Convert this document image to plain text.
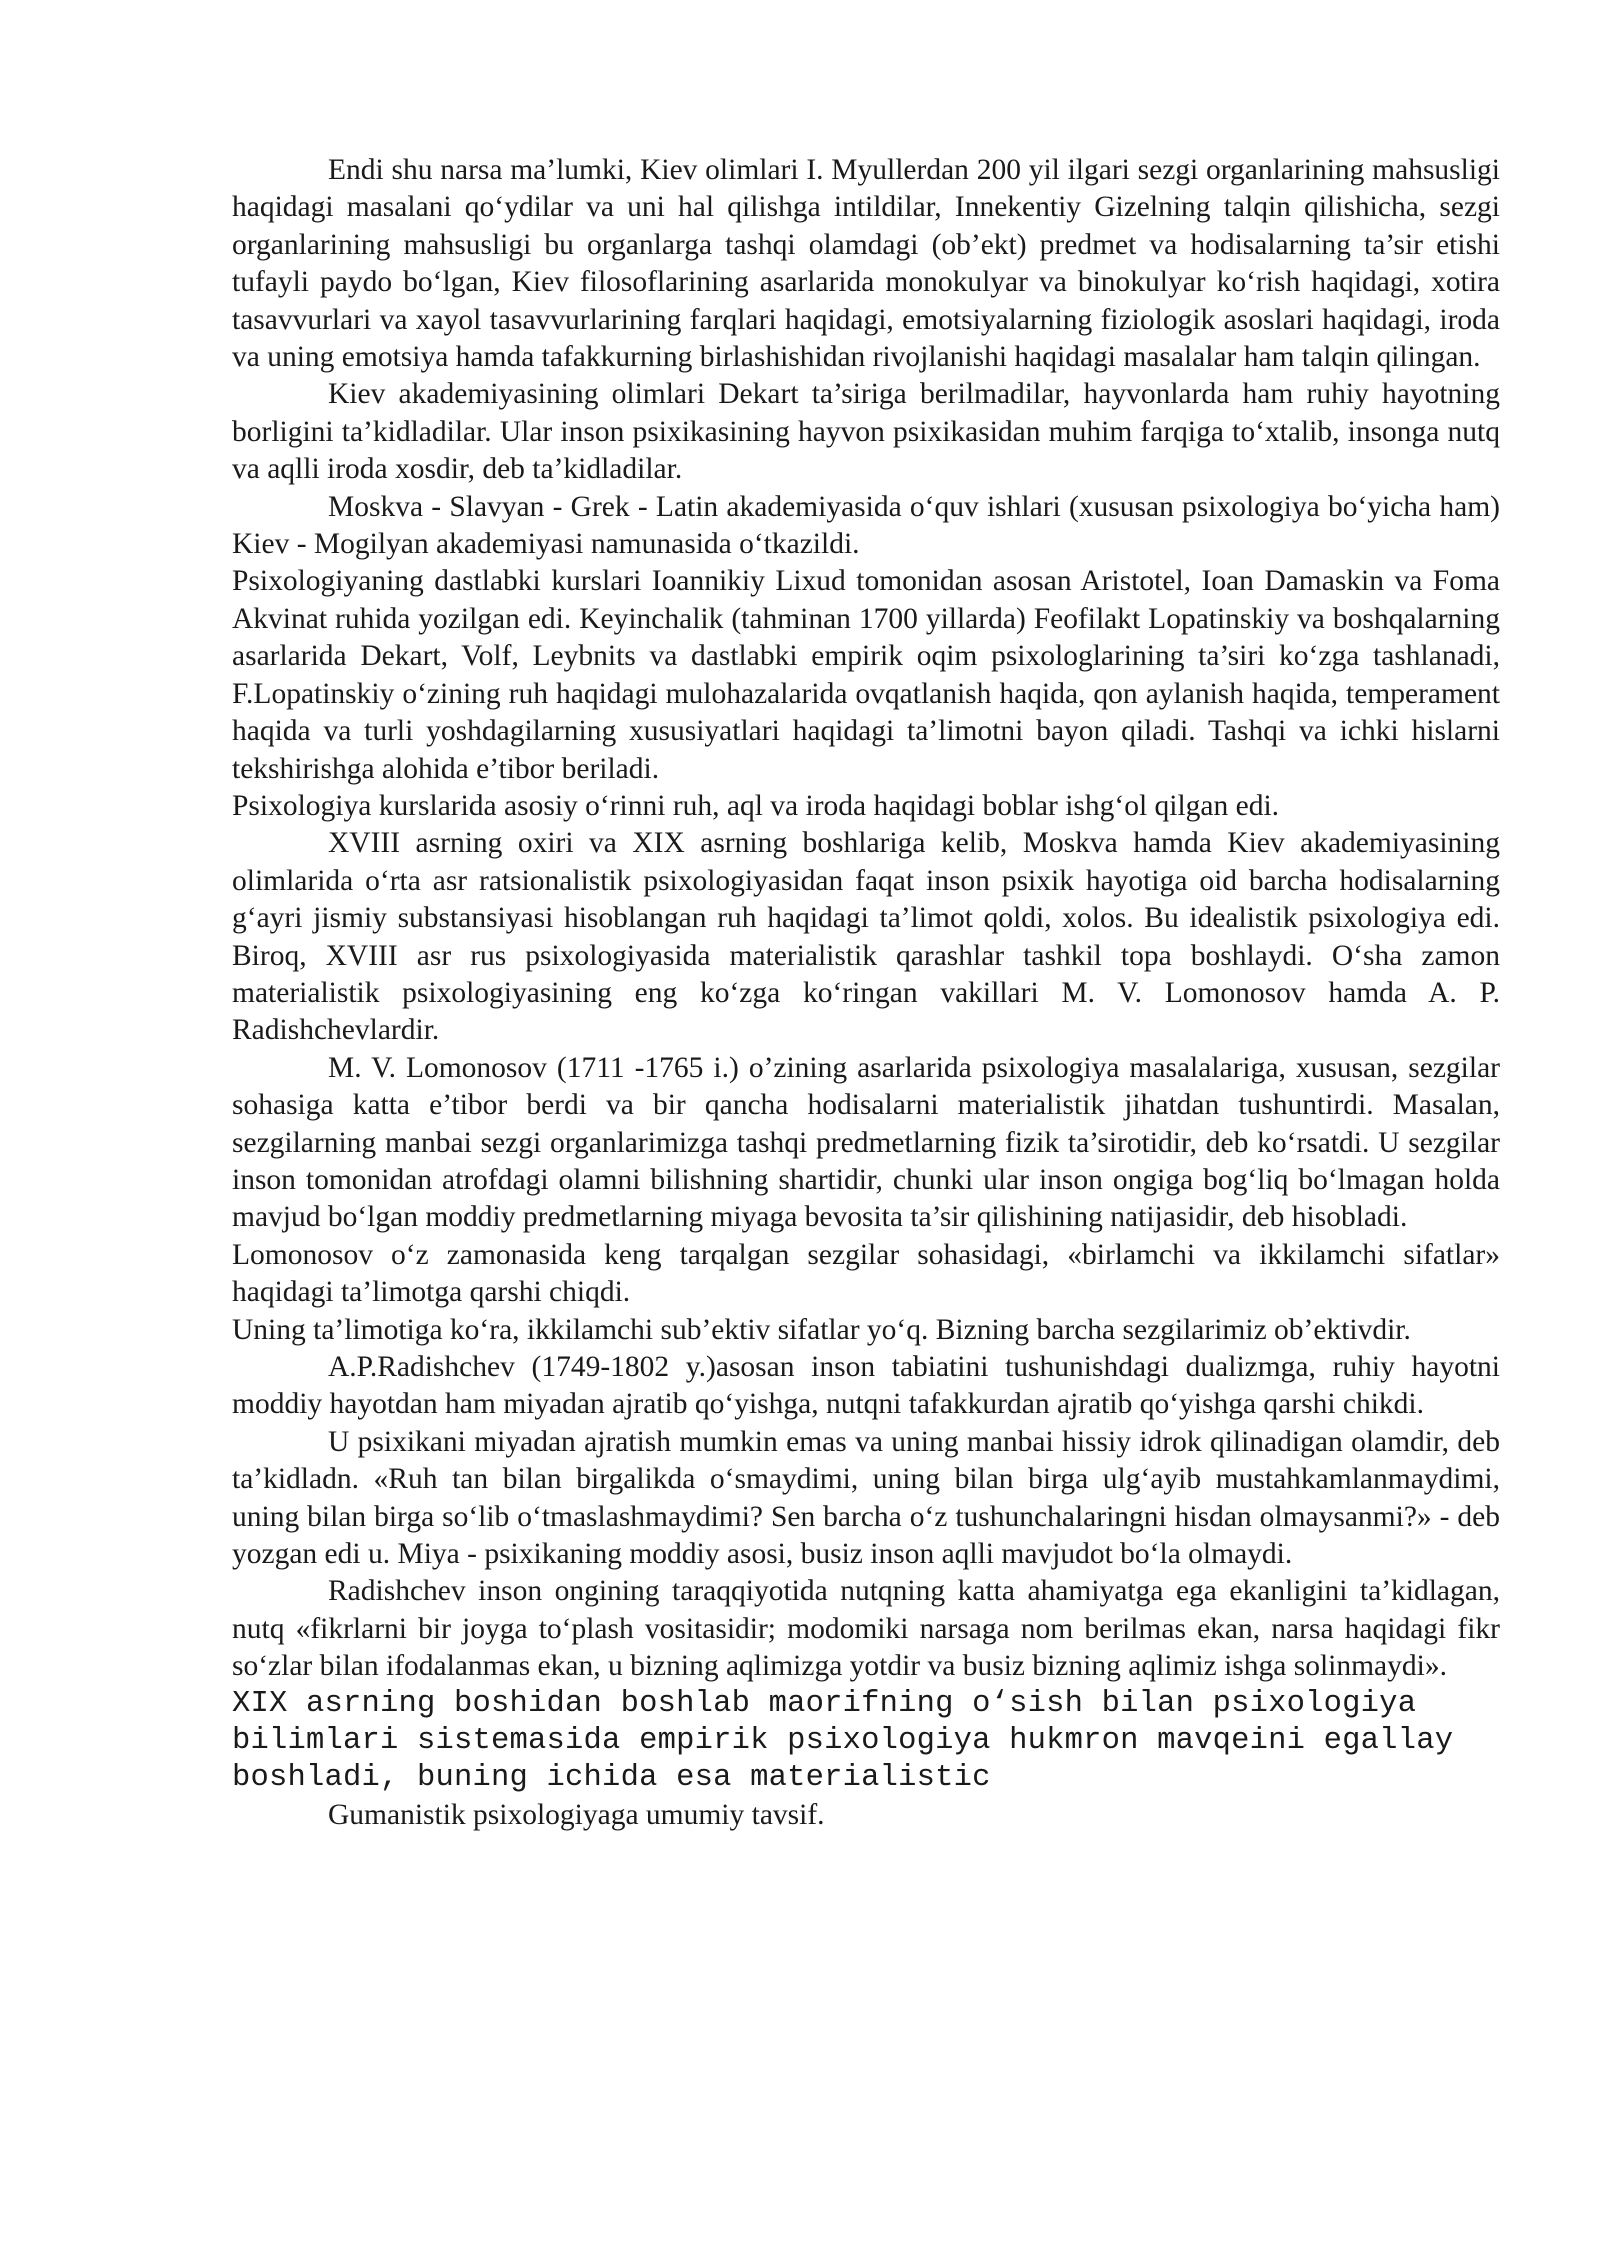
Endi shu narsa ma’lumki, Kiev olimlari I. Myullerdan 200 yil ilgari sezgi organlarining mahsusligi haqidagi masalani qo‘ydilar va uni hal qilishga intildilar, Innekentiy Gizelning talqin qilishicha, sezgi organlarining mahsusligi bu organlarga tashqi olamdagi (ob’ekt) predmet va hodisalarning ta’sir etishi tufayli paydo bo‘lgan, Kiev filosoflarining asarlarida monokulyar va binokulyar ko‘rish haqidagi, xotira tasavvurlari va xayol tasavvurlarining farqlari haqidagi, emotsiyalarning fiziologik asoslari haqidagi, iroda va uning emotsiya hamda tafakkurning birlashishidan rivojlanishi haqidagi masalalar ham talqin qilingan.

Kiev akademiyasining olimlari Dekart ta’siriga berilmadilar, hayvonlarda ham ruhiy hayotning borligini ta’kidladilar. Ular inson psixikasining hayvon psixikasidan muhim farqiga to‘xtalib, insonga nutq va aqlli iroda xosdir, deb ta’kidladilar.

Moskva - Slavyan - Grek - Latin akademiyasida o‘quv ishlari (xususan psixologiya bo‘yicha ham) Kiev - Mogilyan akademiyasi namunasida o‘tkazildi.

Psixologiyaning dastlabki kurslari Ioannikiy Lixud tomonidan asosan Aristotel, Ioan Damaskin va Foma Akvinat ruhida yozilgan edi. Keyinchalik (tahminan 1700 yillarda) Feofilakt Lopatinskiy va boshqalarning asarlarida Dekart, Volf, Leybnits va dastlabki empirik oqim psixologlarining ta’siri ko‘zga tashlanadi, F.Lopatinskiy o‘zining ruh haqidagi mulohazalarida ovqatlanish haqida, qon aylanish haqida, temperament haqida va turli yoshdagilarning xususiyatlari haqidagi ta’limotni bayon qiladi. Tashqi va ichki hislarni tekshirishga alohida e’tibor beriladi.

Psixologiya kurslarida asosiy o‘rinni ruh, aql va iroda haqidagi boblar ishg‘ol qilgan edi.

XVIII asrning oxiri va XIX asrning boshlariga kelib, Moskva hamda Kiev akademiyasining olimlarida o‘rta asr ratsionalistik psixologiyasidan faqat inson psixik hayotiga oid barcha hodisalarning g‘ayri jismiy substansiyasi hisoblangan ruh haqidagi ta’limot qoldi, xolos. Bu idealistik psixologiya edi. Biroq, XVIII asr rus psixologiyasida materialistik qarashlar tashkil topa boshlaydi. O‘sha zamon materialistik psixologiyasining eng ko‘zga ko‘ringan vakillari M. V. Lomonosov hamda A. P. Radishchevlardir.

M. V. Lomonosov (1711 -1765 i.) o’zining asarlarida psixologiya masalalariga, xususan, sezgilar sohasiga katta e’tibor berdi va bir qancha hodisalarni materialistik jihatdan tushuntirdi. Masalan, sezgilarning manbai sezgi organlarimizga tashqi predmetlarning fizik ta’sirotidir, deb ko‘rsatdi. U sezgilar inson tomonidan atrofdagi olamni bilishning shartidir, chunki ular inson ongiga bog‘liq bo‘lmagan holda mavjud bo‘lgan moddiy predmetlarning miyaga bevosita ta’sir qilishining natijasidir, deb hisobladi.

Lomonosov o‘z zamonasida keng tarqalgan sezgilar sohasidagi, «birlamchi va ikkilamchi sifatlar» haqidagi ta’limotga qarshi chiqdi.

Uning ta’limotiga ko‘ra, ikkilamchi sub’ektiv sifatlar yo‘q. Bizning barcha sezgilarimiz ob’ektivdir.

A.P.Radishchev (1749-1802 y.)asosan inson tabiatini tushunishdagi dualizmga, ruhiy hayotni moddiy hayotdan ham miyadan ajratib qo‘yishga, nutqni tafakkurdan ajratib qo‘yishga qarshi chikdi.

U psixikani miyadan ajratish mumkin emas va uning manbai hissiy idrok qilinadigan olamdir, deb ta’kidladn. «Ruh tan bilan birgalikda o‘smaydimi, uning bilan birga ulg‘ayib mustahkamlanmaydimi, uning bilan birga so‘lib o‘tmaslashmaydimi? Sen barcha o‘z tushunchalaringni hisdan olmaysanmi?» - deb yozgan edi u. Miya - psixikaning moddiy asosi, busiz inson aqlli mavjudot bo‘la olmaydi.

Radishchev inson ongining taraqqiyotida nutqning katta ahamiyatga ega ekanligini ta’kidlagan, nutq «fikrlarni bir joyga to‘plash vositasidir; modomiki narsaga nom berilmas ekan, narsa haqidagi fikr so‘zlar bilan ifodalanmas ekan, u bizning aqlimizga yotdir va busiz bizning aqlimiz ishga solinmaydi».

XIX asrning boshidan boshlab maorifning o‘sish bilan psixologiya bilimlari sistemasida empirik psixologiya hukmron mavqeini egallay boshladi, buning ichida esa materialistic

Gumanistik psixologiyaga umumiy tavsif.
